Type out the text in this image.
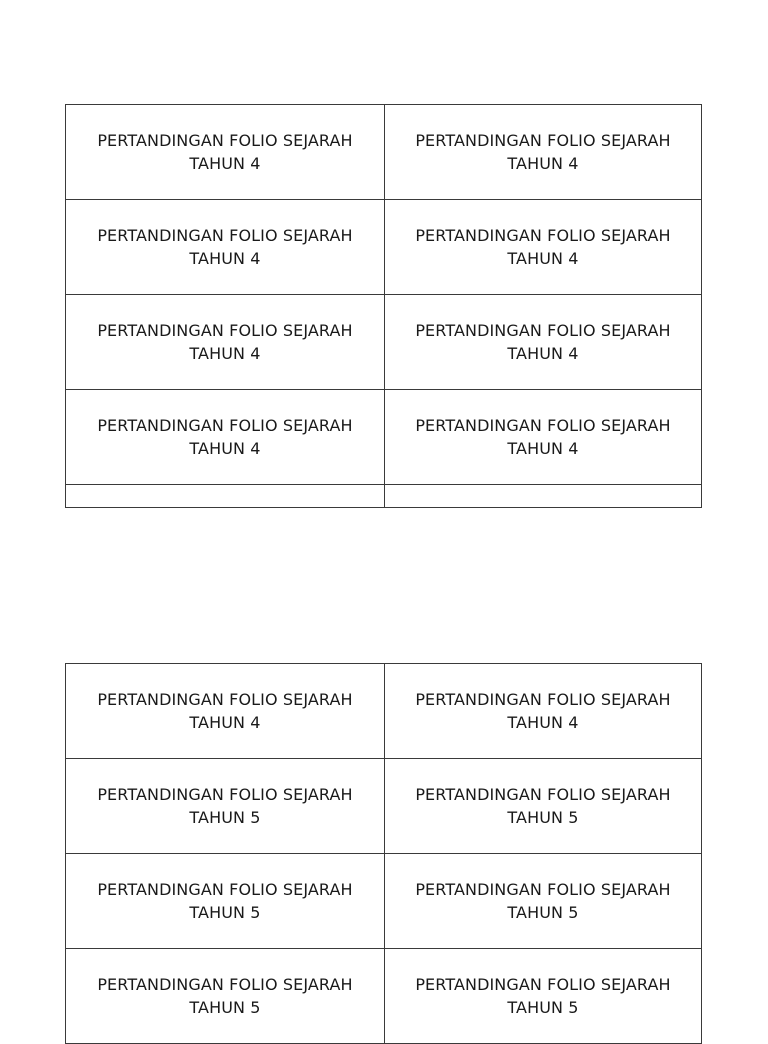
PERTANDINGAN FOLIO SEJARAH
TAHUN 4	PERTANDINGAN FOLIO SEJARAH
TAHUN 4

PERTANDINGAN FOLIO SEJARAH
TAHUN 4	PERTANDINGAN FOLIO SEJARAH
TAHUN 4

PERTANDINGAN FOLIO SEJARAH
TAHUN 4	PERTANDINGAN FOLIO SEJARAH
TAHUN 4

PERTANDINGAN FOLIO SEJARAH
TAHUN 4	PERTANDINGAN FOLIO SEJARAH
TAHUN 4

PERTANDINGAN FOLIO SEJARAH
TAHUN 4	PERTANDINGAN FOLIO SEJARAH
TAHUN 4

PERTANDINGAN FOLIO SEJARAH
TAHUN 5	PERTANDINGAN FOLIO SEJARAH
TAHUN 5

PERTANDINGAN FOLIO SEJARAH
TAHUN 5	PERTANDINGAN FOLIO SEJARAH
TAHUN 5

PERTANDINGAN FOLIO SEJARAH
TAHUN 5	PERTANDINGAN FOLIO SEJARAH
TAHUN 5
